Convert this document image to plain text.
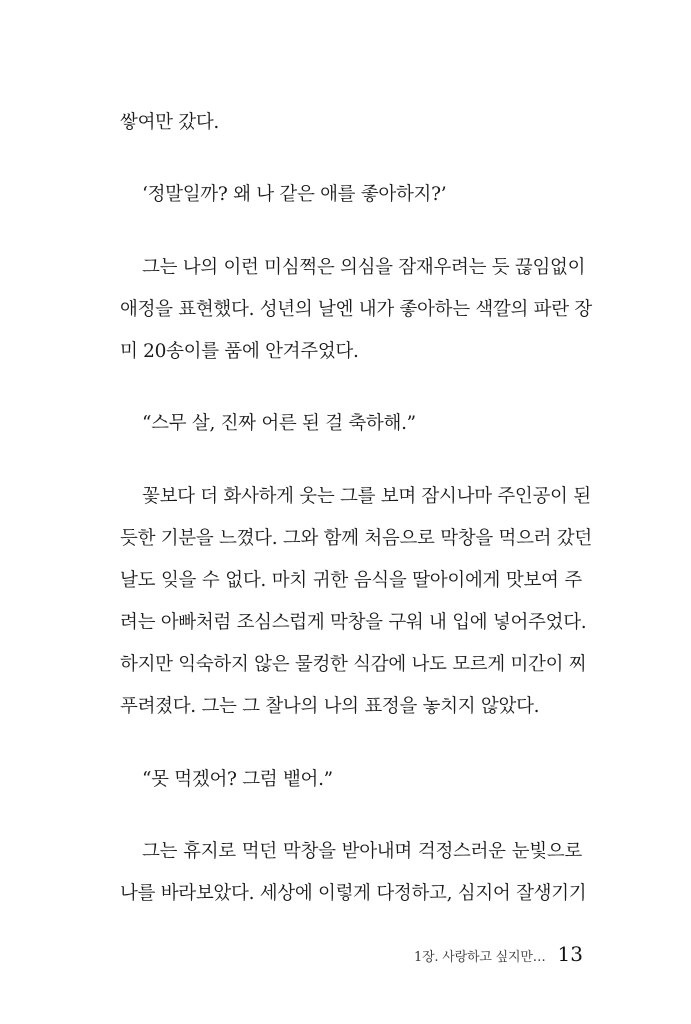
쌓여만 갔다.

‘정말일까? 왜 나 같은 애를 좋아하지?’

그는 나의 이런 미심쩍은 의심을 잠재우려는 듯 끊임없이

애정을 표현했다. 성년의 날엔 내가 좋아하는 색깔의 파란 장

미 20송이를 품에 안겨주었다.

“스무 살, 진짜 어른 된 걸 축하해.”

꽃보다 더 화사하게 웃는 그를 보며 잠시나마 주인공이 된

듯한 기분을 느꼈다. 그와 함께 처음으로 막창을 먹으러 갔던

날도 잊을 수 없다. 마치 귀한 음식을 딸아이에게 맛보여 주

려는 아빠처럼 조심스럽게 막창을 구워 내 입에 넣어주었다.

하지만 익숙하지 않은 물컹한 식감에 나도 모르게 미간이 찌

푸려졌다. 그는 그 찰나의 나의 표정을 놓치지 않았다.

“못 먹겠어? 그럼 뱉어.”

그는 휴지로 먹던 막창을 받아내며 걱정스러운 눈빛으로

나를 바라보았다. 세상에 이렇게 다정하고, 심지어 잘생기기

1장. 사랑하고 싶지만… 13
